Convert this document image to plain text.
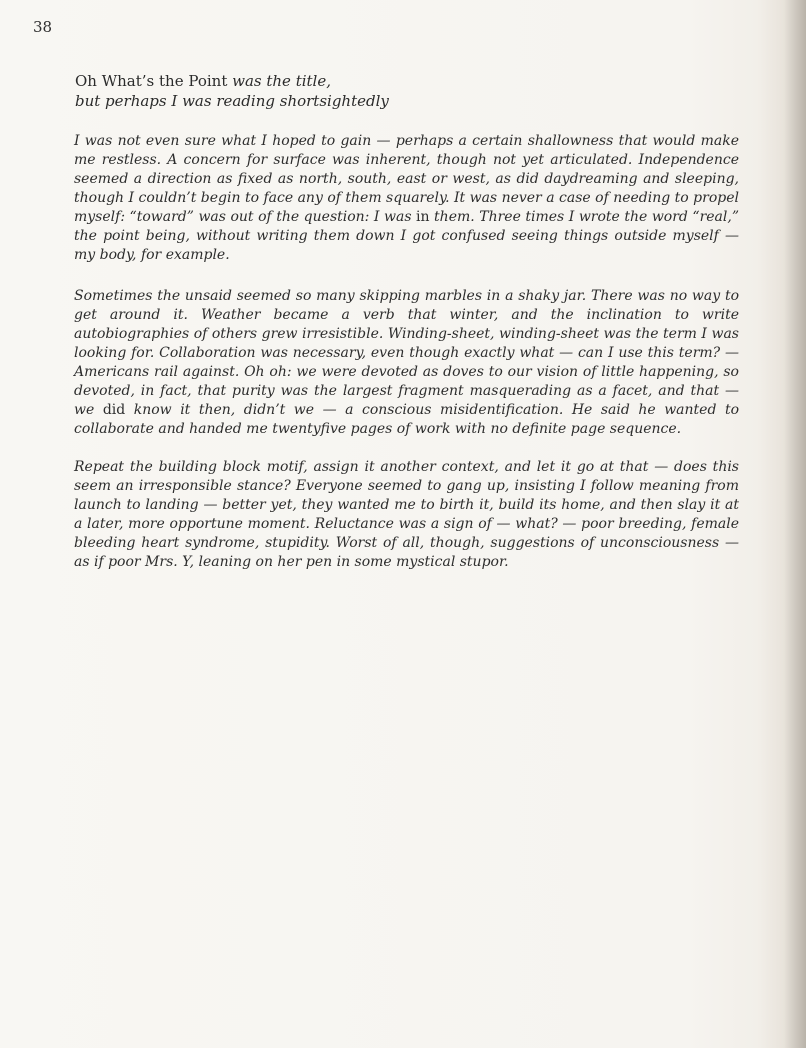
38
Oh What’s the Point was the title,
but perhaps I was reading shortsightedly
I was not even sure what I hoped to gain — perhaps a certain shallowness that would make me restless. A concern for surface was inherent, though not yet articulated. Independence seemed a direction as fixed as north, south, east or west, as did daydreaming and sleeping, though I couldn’t begin to face any of them squarely. It was never a case of needing to propel myself: “toward” was out of the question: I was in them. Three times I wrote the word “real,” the point being, without writing them down I got confused seeing things outside myself — my body, for example.
Sometimes the unsaid seemed so many skipping marbles in a shaky jar. There was no way to get around it. Weather became a verb that winter, and the inclination to write autobiographies of others grew irresistible. Winding-sheet, winding-sheet was the term I was looking for. Collaboration was necessary, even though exactly what — can I use this term? — Americans rail against. Oh oh: we were devoted as doves to our vision of little happening, so devoted, in fact, that purity was the largest fragment masquerading as a facet, and that — we did know it then, didn’t we — a conscious misidentification. He said he wanted to collaborate and handed me twentyfive pages of work with no definite page sequence.
Repeat the building block motif, assign it another context, and let it go at that — does this seem an irresponsible stance? Everyone seemed to gang up, insisting I follow meaning from launch to landing — better yet, they wanted me to birth it, build its home, and then slay it at a later, more opportune moment. Reluctance was a sign of — what? — poor breeding, female bleeding heart syndrome, stupidity. Worst of all, though, suggestions of unconsciousness — as if poor Mrs. Y, leaning on her pen in some mystical stupor.
